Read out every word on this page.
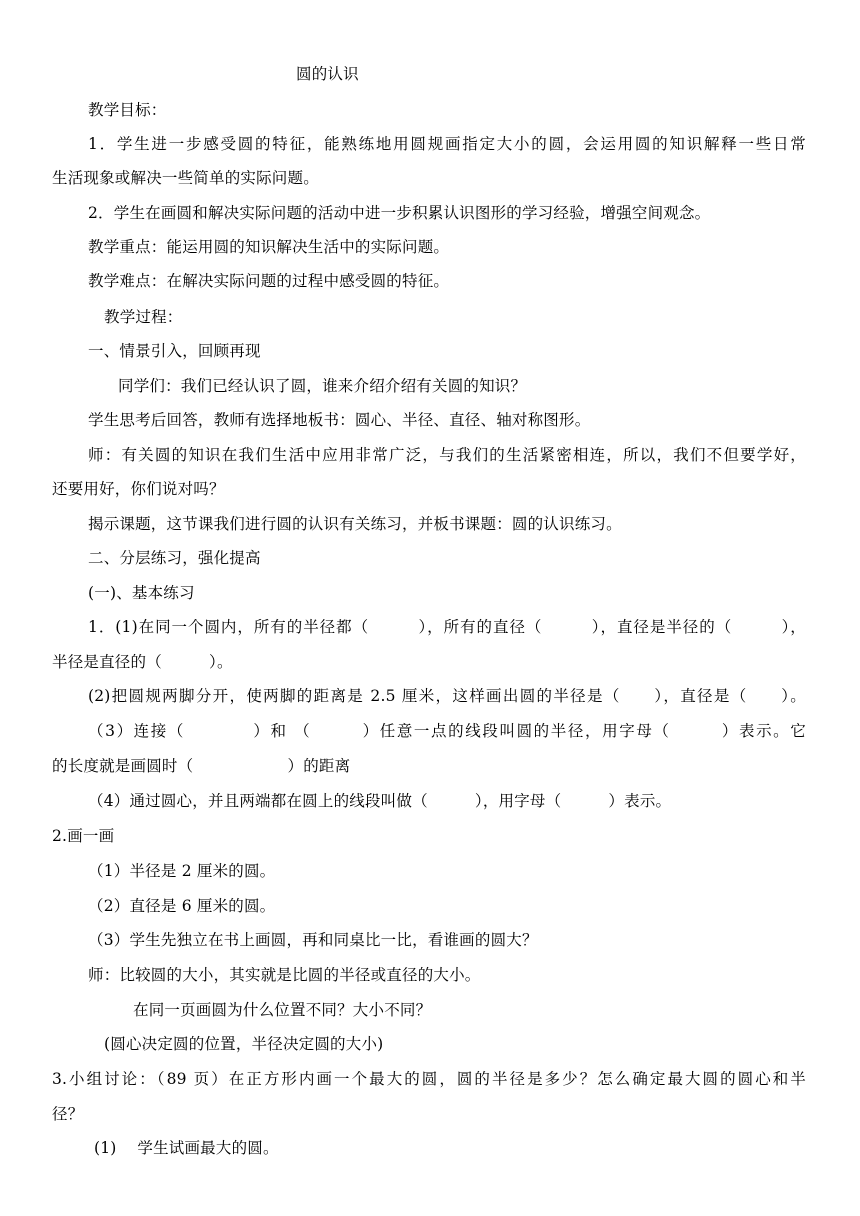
圆的认识

教学目标：

1．学生进一步感受圆的特征，能熟练地用圆规画指定大小的圆，会运用圆的知识解释一些日常

生活现象或解决一些简单的实际问题。

2．学生在画圆和解决实际问题的活动中进一步积累认识图形的学习经验，增强空间观念。

教学重点：能运用圆的知识解决生活中的实际问题。

教学难点：在解决实际问题的过程中感受圆的特征。

教学过程：

一、情景引入，回顾再现

同学们：我们已经认识了圆，谁来介绍介绍有关圆的知识？

学生思考后回答，教师有选择地板书：圆心、半径、直径、轴对称图形。

师：有关圆的知识在我们生活中应用非常广泛，与我们的生活紧密相连，所以，我们不但要学好，

还要用好，你们说对吗？

揭示课题，这节课我们进行圆的认识有关练习，并板书课题：圆的认识练习。

二、分层练习，强化提高

(一)、基本练习

1．(1)在同一个圆内，所有的半径都（　　　），所有的直径（　　　），直径是半径的（　　　），

半径是直径的（　　　）。

(2)把圆规两脚分开，使两脚的距离是 2.5 厘米，这样画出圆的半径是（　　），直径是（　　）。

（3）连接（　　　　）和 （　　　）任意一点的线段叫圆的半径，用字母（　　　）表示。它

的长度就是画圆时（　　　　　　）的距离

（4）通过圆心，并且两端都在圆上的线段叫做（　　　），用字母（　　　）表示。

2.画一画

（1）半径是 2 厘米的圆。

（2）直径是 6 厘米的圆。

（3）学生先独立在书上画圆，再和同桌比一比，看谁画的圆大？

师：比较圆的大小，其实就是比圆的半径或直径的大小。

在同一页画圆为什么位置不同？大小不同？

(圆心决定圆的位置，半径决定圆的大小)

3.小组讨论：（89 页）在正方形内画一个最大的圆，圆的半径是多少？怎么确定最大圆的圆心和半

径？

(1)　 学生试画最大的圆。
